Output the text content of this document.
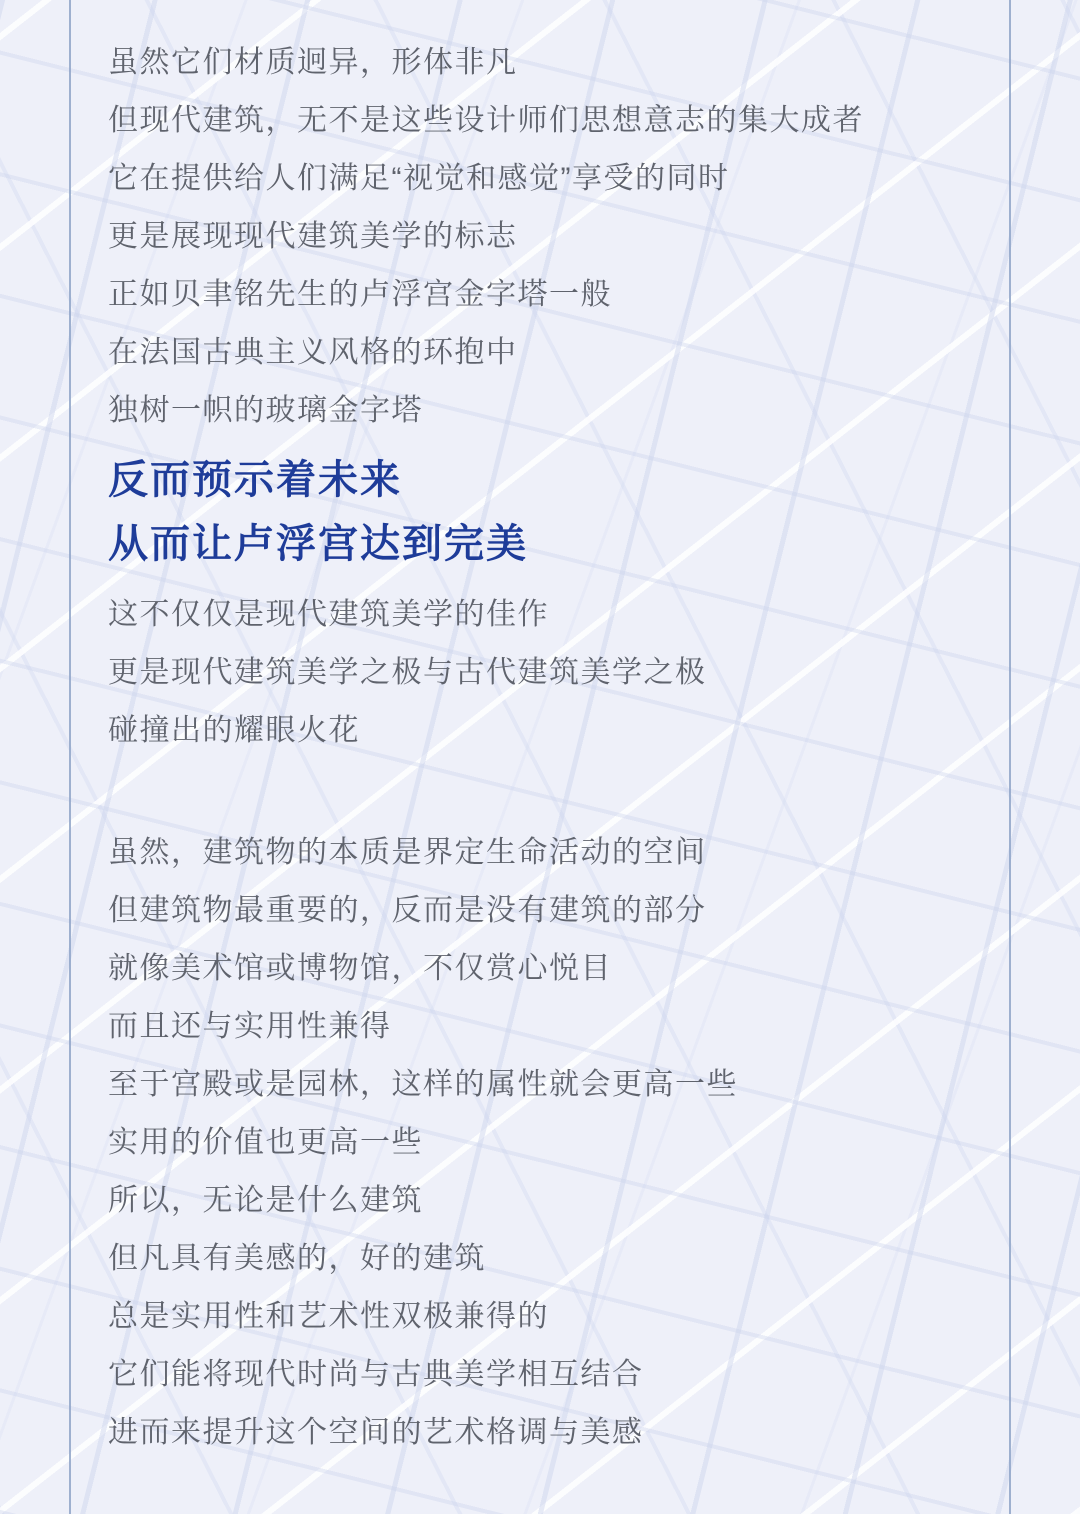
虽然它们材质迥异，形体非凡
但现代建筑，无不是这些设计师们思想意志的集大成者
它在提供给人们满足“视觉和感觉”享受的同时
更是展现现代建筑美学的标志
正如贝聿铭先生的卢浮宫金字塔一般
在法国古典主义风格的环抱中
独树一帜的玻璃金字塔
反而预示着未来
从而让卢浮宫达到完美
这不仅仅是现代建筑美学的佳作
更是现代建筑美学之极与古代建筑美学之极
碰撞出的耀眼火花
虽然，建筑物的本质是界定生命活动的空间
但建筑物最重要的，反而是没有建筑的部分
就像美术馆或博物馆，不仅赏心悦目
而且还与实用性兼得
至于宫殿或是园林，这样的属性就会更高一些
实用的价值也更高一些
所以，无论是什么建筑
但凡具有美感的，好的建筑
总是实用性和艺术性双极兼得的
它们能将现代时尚与古典美学相互结合
进而来提升这个空间的艺术格调与美感
